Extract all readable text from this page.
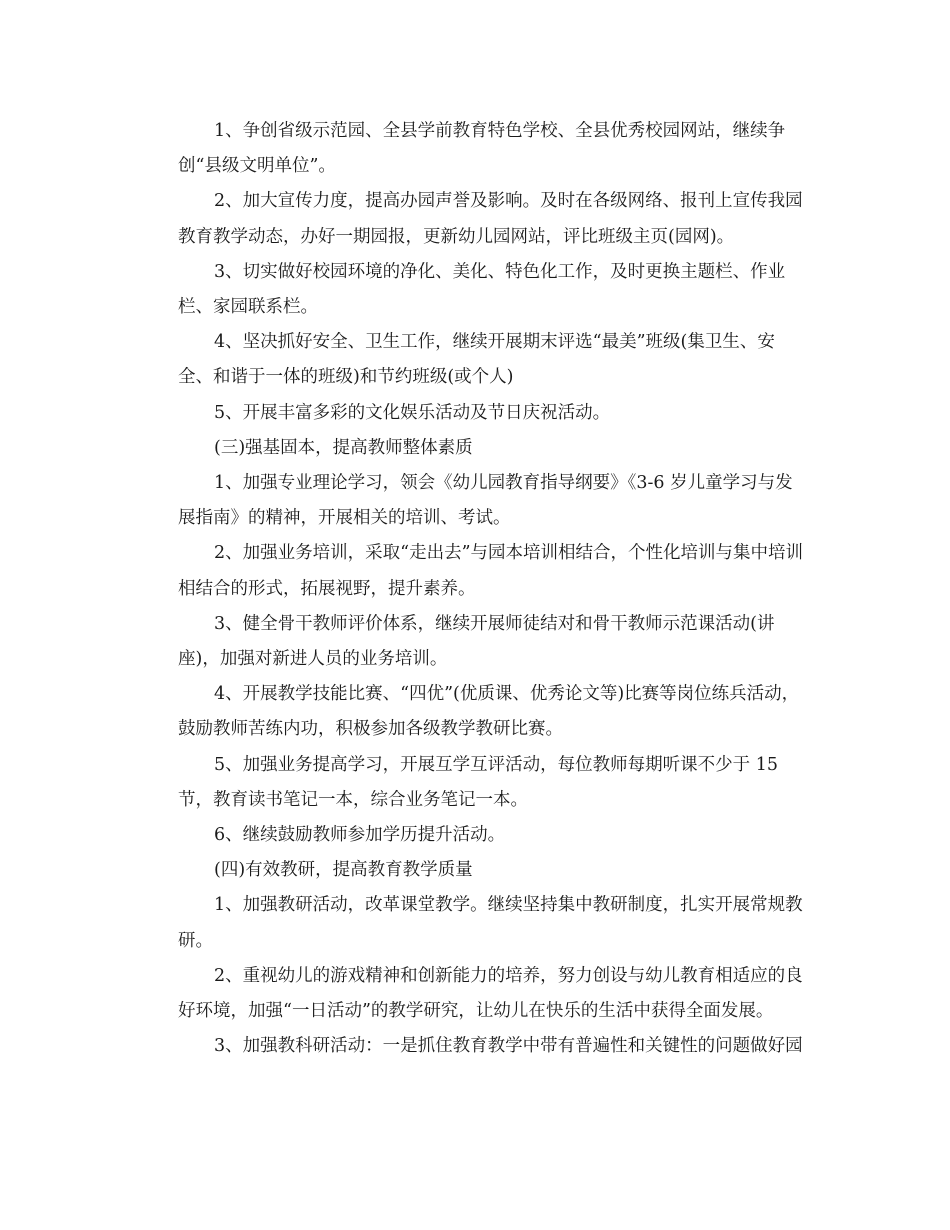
1、争创省级示范园、全县学前教育特色学校、全县优秀校园网站，继续争
创“县级文明单位”。

2、加大宣传力度，提高办园声誉及影响。及时在各级网络、报刊上宣传我园
教育教学动态，办好一期园报，更新幼儿园网站，评比班级主页(园网)。

3、切实做好校园环境的净化、美化、特色化工作，及时更换主题栏、作业
栏、家园联系栏。

4、坚决抓好安全、卫生工作，继续开展期末评选“最美”班级(集卫生、安
全、和谐于一体的班级)和节约班级(或个人)

5、开展丰富多彩的文化娱乐活动及节日庆祝活动。

(三)强基固本，提高教师整体素质

1、加强专业理论学习，领会《幼儿园教育指导纲要》《3-6 岁儿童学习与发
展指南》的精神，开展相关的培训、考试。

2、加强业务培训，采取“走出去”与园本培训相结合，个性化培训与集中培训
相结合的形式，拓展视野，提升素养。

3、健全骨干教师评价体系，继续开展师徒结对和骨干教师示范课活动(讲
座)，加强对新进人员的业务培训。

4、开展教学技能比赛、“四优”(优质课、优秀论文等)比赛等岗位练兵活动，
鼓励教师苦练内功，积极参加各级教学教研比赛。

5、加强业务提高学习，开展互学互评活动，每位教师每期听课不少于 15
节，教育读书笔记一本，综合业务笔记一本。

6、继续鼓励教师参加学历提升活动。

(四)有效教研，提高教育教学质量

1、加强教研活动，改革课堂教学。继续坚持集中教研制度，扎实开展常规教
研。

2、重视幼儿的游戏精神和创新能力的培养，努力创设与幼儿教育相适应的良
好环境，加强“一日活动”的教学研究，让幼儿在快乐的生活中获得全面发展。

3、加强教科研活动：一是抓住教育教学中带有普遍性和关键性的问题做好园
